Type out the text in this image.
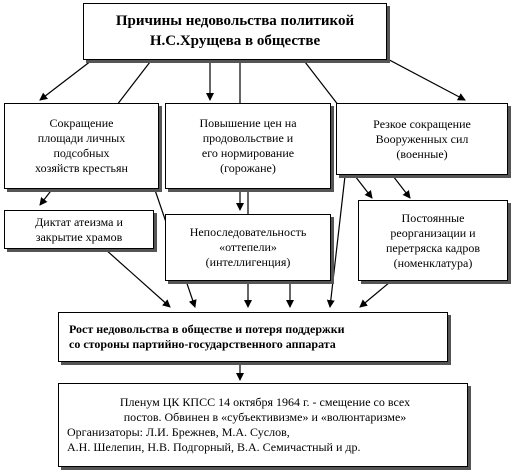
Причины недовольства политикой
Н.С.Хрущева в обществе
Сокращение
площади личных
подсобных
хозяйств крестьян
Повышение цен на
продовольствие и
его нормирование
(горожане)
Резкое сокращение
Вооруженных сил
(военные)
Диктат атеизма и
закрытие храмов	Непоследовательность
«оттепели»
(интеллигенция)
Постоянные
реорганизации и
перетряска кадров
(номенклатура)
Рост недовольства в обществе и потеря поддержки
со стороны партийно-государственного аппарата
Пленум ЦК КПСС 14 октября 1964 г. - смещение со всех
постов. Обвинен в «субъективизме» и «волюнтаризме»
Организаторы: Л.И. Брежнев, М.А. Суслов,
А.Н. Шелепин, Н.В. Подгорный, В.А. Семичастный и др.
